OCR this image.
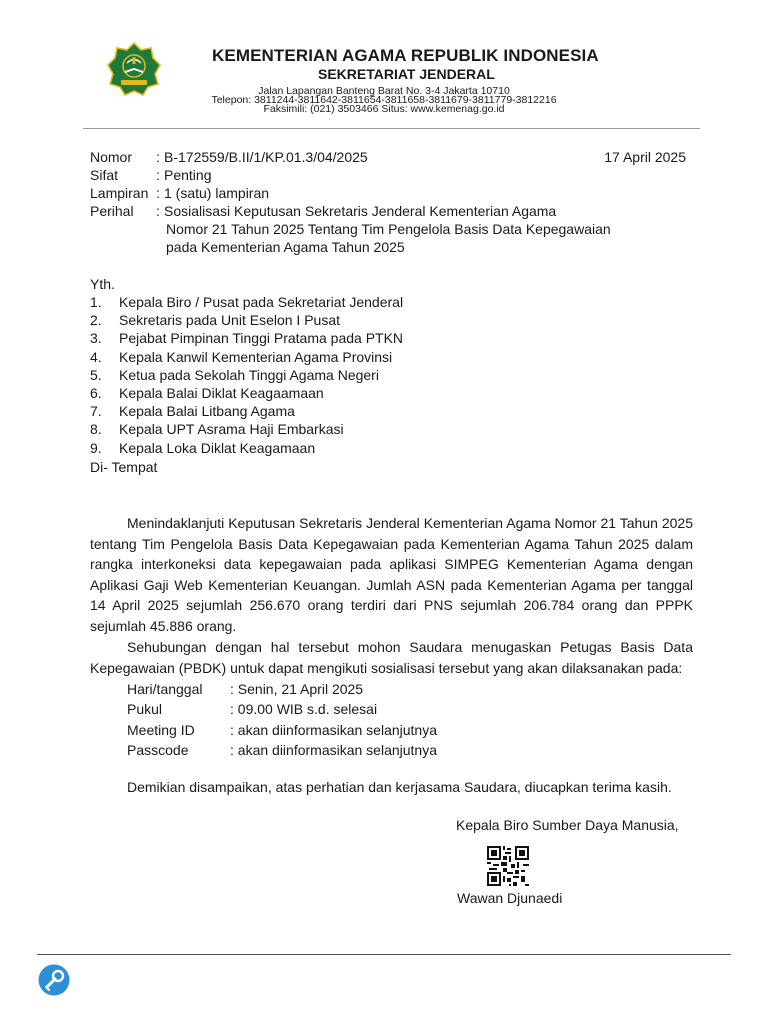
KEMENTERIAN AGAMA REPUBLIK INDONESIA
SEKRETARIAT JENDERAL
Jalan Lapangan Banteng Barat No. 3-4 Jakarta 10710
Telepon: 3811244-3811642-3811654-3811658-3811679-3811779-3812216
Faksimili: (021) 3503466 Situs: www.kemenag.go.id
Nomor : B-172559/B.II/1/KP.01.3/04/2025	17 April 2025
Sifat	: Penting
Lampiran : 1 (satu) lampiran
Perihal : Sosialisasi Keputusan Sekretaris Jenderal Kementerian Agama
Nomor 21 Tahun 2025 Tentang Tim Pengelola Basis Data Kepegawaian
pada Kementerian Agama Tahun 2025
Yth.
1. Kepala Biro / Pusat pada Sekretariat Jenderal
2. Sekretaris pada Unit Eselon I Pusat
3. Pejabat Pimpinan Tinggi Pratama pada PTKN
4. Kepala Kanwil Kementerian Agama Provinsi
5. Ketua pada Sekolah Tinggi Agama Negeri
6. Kepala Balai Diklat Keagaamaan
7. Kepala Balai Litbang Agama
8. Kepala UPT Asrama Haji Embarkasi
9. Kepala Loka Diklat Keagamaan
Di- Tempat

Menindaklanjuti Keputusan Sekretaris Jenderal Kementerian Agama Nomor 21 Tahun 2025 tentang Tim Pengelola Basis Data Kepegawaian pada Kementerian Agama Tahun 2025 dalam rangka interkoneksi data kepegawaian pada aplikasi SIMPEG Kementerian Agama dengan Aplikasi Gaji Web Kementerian Keuangan. Jumlah ASN pada Kementerian Agama per tanggal 14 April 2025 sejumlah 256.670 orang terdiri dari PNS sejumlah 206.784 orang dan PPPK sejumlah 45.886 orang.

Sehubungan dengan hal tersebut mohon Saudara menugaskan Petugas Basis Data Kepegawaian (PBDK) untuk dapat mengikuti sosialisasi tersebut yang akan dilaksanakan pada:

Hari/tanggal : Senin, 21 April 2025
Pukul	: 09.00 WIB s.d. selesai
Meeting ID	: akan diinformasikan selanjutnya
Passcode	: akan diinformasikan selanjutnya
Demikian disampaikan, atas perhatian dan kerjasama Saudara, diucapkan terima kasih.
Kepala Biro Sumber Daya Manusia,
Wawan Djunaedi
